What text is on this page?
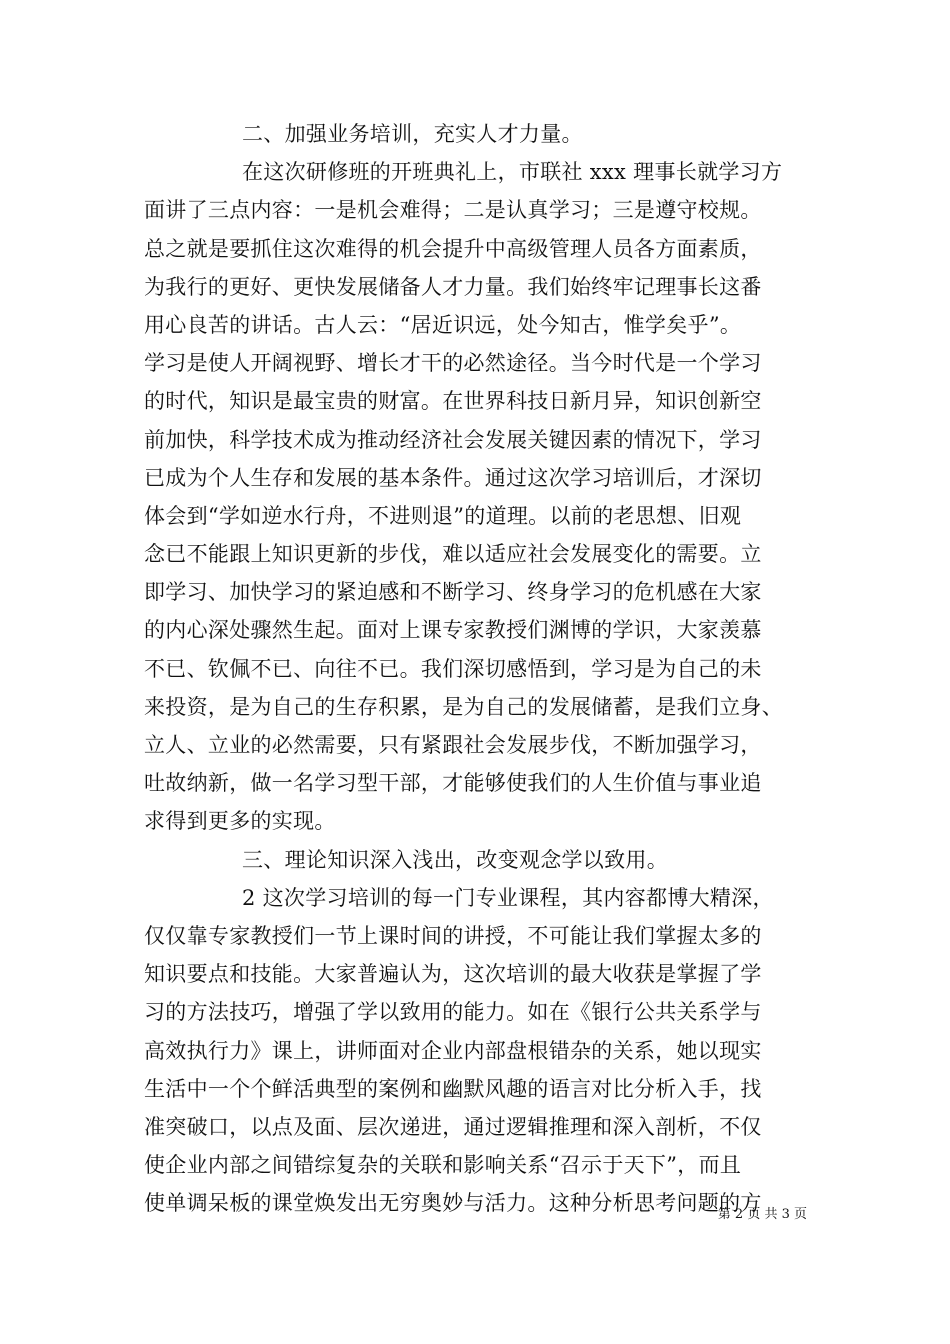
二、加强业务培训，充实人才力量。
在这次研修班的开班典礼上，市联社 xxx 理事长就学习方
面讲了三点内容：一是机会难得；二是认真学习；三是遵守校规。
总之就是要抓住这次难得的机会提升中高级管理人员各方面素质，
为我行的更好、更快发展储备人才力量。我们始终牢记理事长这番
用心良苦的讲话。古人云：“居近识远，处今知古，惟学矣乎”。
学习是使人开阔视野、增长才干的必然途径。当今时代是一个学习
的时代，知识是最宝贵的财富。在世界科技日新月异，知识创新空
前加快，科学技术成为推动经济社会发展关键因素的情况下，学习
已成为个人生存和发展的基本条件。通过这次学习培训后，才深切
体会到“学如逆水行舟，不进则退”的道理。以前的老思想、旧观
念已不能跟上知识更新的步伐，难以适应社会发展变化的需要。立
即学习、加快学习的紧迫感和不断学习、终身学习的危机感在大家
的内心深处骤然生起。面对上课专家教授们渊博的学识，大家羡慕
不已、钦佩不已、向往不已。我们深切感悟到，学习是为自己的未
来投资，是为自己的生存积累，是为自己的发展储蓄，是我们立身、
立人、立业的必然需要，只有紧跟社会发展步伐，不断加强学习，
吐故纳新，做一名学习型干部，才能够使我们的人生价值与事业追
求得到更多的实现。
三、理论知识深入浅出，改变观念学以致用。
2 这次学习培训的每一门专业课程，其内容都博大精深，
仅仅靠专家教授们一节上课时间的讲授，不可能让我们掌握太多的
知识要点和技能。大家普遍认为，这次培训的最大收获是掌握了学
习的方法技巧，增强了学以致用的能力。如在《银行公共关系学与
高效执行力》课上，讲师面对企业内部盘根错杂的关系，她以现实
生活中一个个鲜活典型的案例和幽默风趣的语言对比分析入手，找
准突破口，以点及面、层次递进，通过逻辑推理和深入剖析，不仅
使企业内部之间错综复杂的关联和影响关系“召示于天下”，而且
使单调呆板的课堂焕发出无穷奥妙与活力。这种分析思考问题的方
第 2 页 共 3 页
